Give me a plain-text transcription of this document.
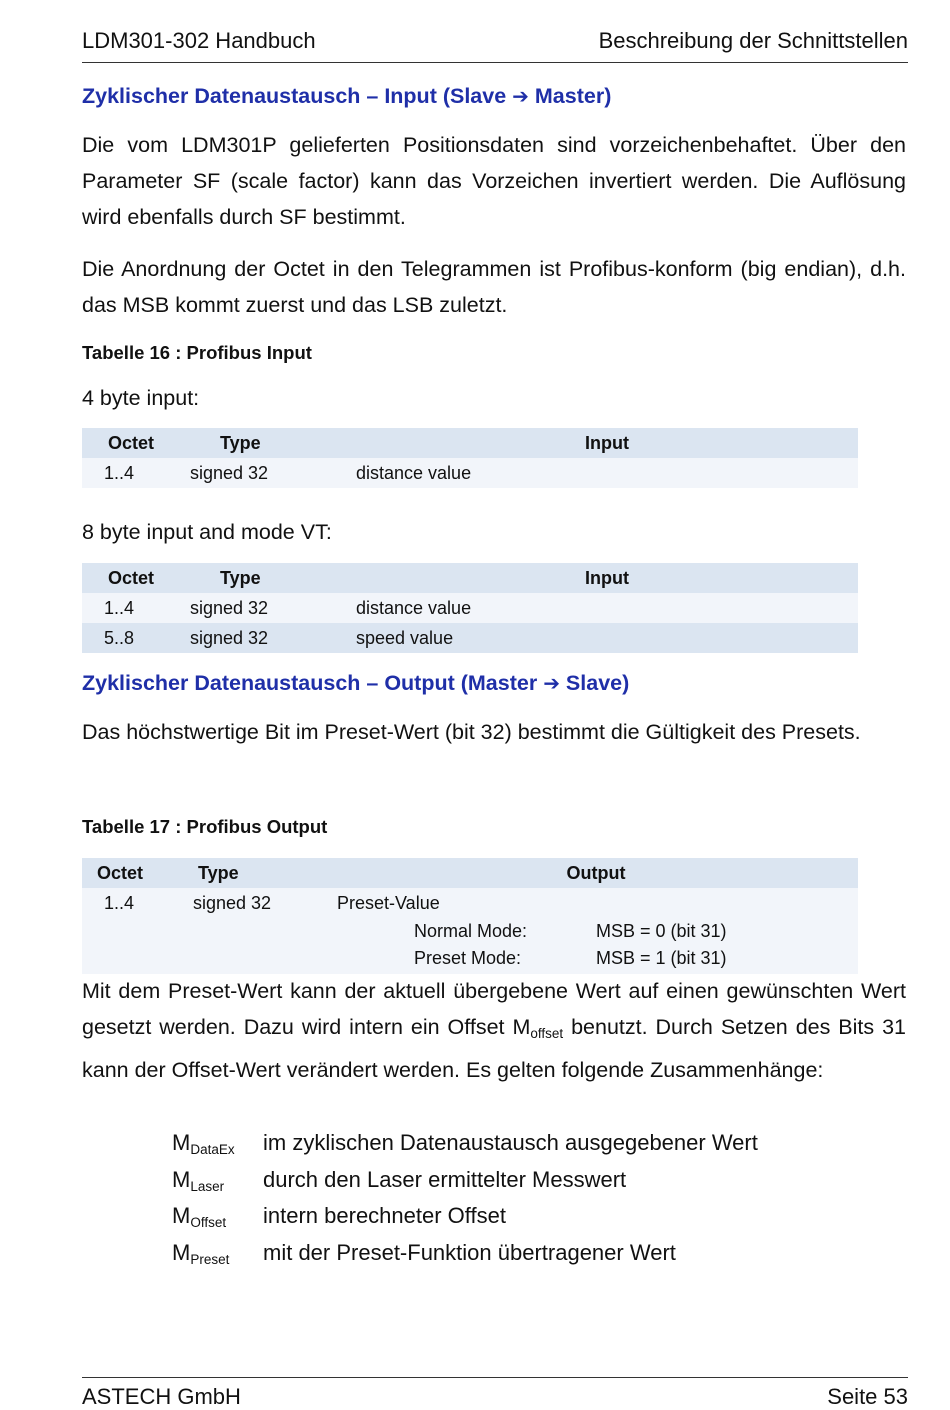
LDM301-302 Handbuch	Beschreibung der Schnittstellen
Zyklischer Datenaustausch – Input (Slave ➔ Master)
Die vom LDM301P gelieferten Positionsdaten sind vorzeichenbehaftet. Über den Parameter SF (scale factor) kann das Vorzeichen invertiert werden. Die Auflösung wird ebenfalls durch SF bestimmt.
Die Anordnung der Octet in den Telegrammen ist Profibus-konform (big endian), d.h. das MSB kommt zuerst und das LSB zuletzt.
Tabelle 16 : Profibus Input
4 byte input:
Octet	Type	Input
1..4	signed 32	distance value
8 byte input and mode VT:
Octet	Type	Input
1..4	signed 32	distance value
5..8	signed 32	speed value
Zyklischer Datenaustausch – Output (Master ➔ Slave)
Das höchstwertige Bit im Preset-Wert (bit 32) bestimmt die Gültigkeit des Presets.
Tabelle 17 : Profibus Output
Octet	Type	Output
1..4	signed 32	Preset-Value
Normal Mode:	MSB = 0 (bit 31)
Preset Mode:	MSB = 1 (bit 31)
Mit dem Preset-Wert kann der aktuell übergebene Wert auf einen gewünschten Wert gesetzt werden. Dazu wird intern ein Offset $M_{offset}$ benutzt. Durch Setzen des Bits 31 kann der Offset-Wert verändert werden. Es gelten folgende Zusammenhänge:
$M_{DataEx}$ im zyklischen Datenaustausch ausgegebener Wert
$M_{Laser}$ durch den Laser ermittelter Messwert
$M_{Offset}$ intern berechneter Offset
$M_{Preset}$ mit der Preset-Funktion übertragener Wert
ASTECH GmbH	Seite 53
